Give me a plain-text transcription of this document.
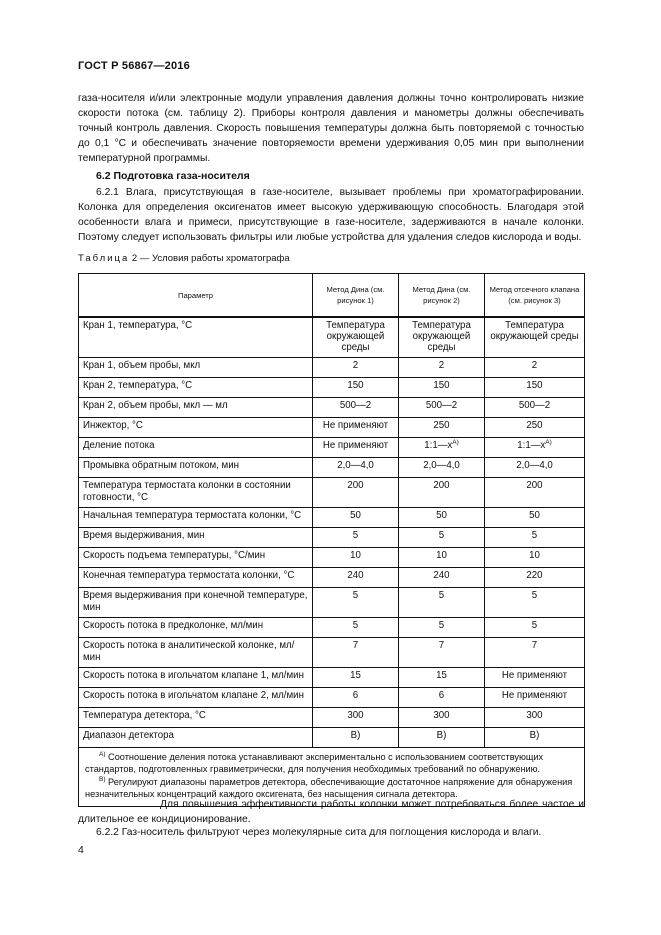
ГОСТ Р 56867—2016
газа-носителя и/или электронные модули управления давления должны точно контролировать низкие скорости потока (см. таблицу 2). Приборы контроля давления и манометры должны обеспечивать точный контроль давления. Скорость повышения температуры должна быть повторяемой с точностью до 0,1 °С и обеспечивать значение повторяемости времени удерживания 0,05 мин при выполнении температурной программы.
6.2 Подготовка газа-носителя
6.2.1 Влага, присутствующая в газе-носителе, вызывает проблемы при хроматографировании. Колонка для определения оксигенатов имеет высокую удерживающую способность. Благодаря этой особенности влага и примеси, присутствующие в газе-носителе, задерживаются в начале колонки. Поэтому следует использовать фильтры или любые устройства для удаления следов кислорода и воды.
Таблица 2 — Условия работы хроматографа
Параметр	Метод Дина (см. рисунок 1)	Метод Дина (см. рисунок 2)	Метод отсечного клапана (см. рисунок 3)
Кран 1, температура, °С	Температура окружающей среды	Температура окружающей среды	Температура окружающей среды
Кран 1, объем пробы, мкл	2	2	2
Кран 2, температура, °С	150	150	150
Кран 2, объем пробы, мкл — мл	500—2	500—2	500—2
Инжектор, °С	Не применяют	250	250
Деление потока	Не применяют	$1:1—х^{A)}$	$1:1—х^{A)}$
Промывка обратным потоком, мин	2,0—4,0	2,0—4,0	2,0—4,0
Температура термостата колонки в состоянии готовности, °С	200	200	200
Начальная температура термостата колонки, °С	50	50	50
Время выдерживания, мин	5	5	5
Скорость подъема температуры, °С/мин	10	10	10
Конечная температура термостата колонки, °С	240	240	220
Время выдерживания при конечной температуре, мин	5	5	5
Скорость потока в предколонке, мл/мин	5	5	5
Скорость потока в аналитической колонке, мл/мин	7	7	7
Скорость потока в игольчатом клапане 1, мл/мин	15	15	Не применяют
Скорость потока в игольчатом клапане 2, мл/мин	6	6	Не применяют
Температура детектора, °С	300	300	300
Диапазон детектора	B)	B)	B)

$^{A)}$ Соотношение деления потока устанавливают экспериментально с использованием соответствующих стандартов, подготовленных гравиметрически, для получения необходимых требований по обнаружению.
$^{B)}$ Регулируют диапазоны параметров детектора, обеспечивающие достаточное напряжение для обнаружения незначительных концентраций каждого оксигената, без насыщения сигнала детектора.			
Для повышения эффективности работы колонки может потребоваться более частое и длительное ее кондиционирование.
6.2.2 Газ-носитель фильтруют через молекулярные сита для поглощения кислорода и влаги.
4
